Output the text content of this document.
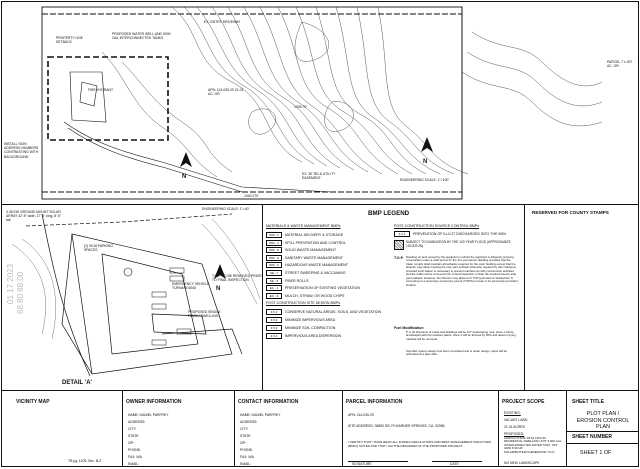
N
N
EX. ENTRY DRIVEWAY
FIRE HYDRANT
PROPOSED WATER WELL AND 5000 GAL INTERCONNECTED TANKS
PROPERTY LINE SETBACK
APN: 114-030-29 21.01 AC. GR.
PARCEL 7 ±.307 AC. GR.
1005.70'
1040.270'
EX. 30' RD & UTILITY EASEMENT
INSTALL SIGN ADDRESS NUMBERS CONTRASTING WITH BACKGROUND
ENGINEERING SCALE: 1"=100'
N
3.36 KW GROUND MOUNT SOLAR ARRAY 32' 8" wide, 17' 3" long, 8' 6" tall
(2) 9X18 PARKING SPACES
EMERGENCY VEHICLE TURNAROUND
T.O.P. TO BE REMOVED PRIOR TO FINAL INSPECTION
PROPOSED SINGLE FAMILY DWELLING
ENGINEERING SCALE: 1"=40'
DETAIL 'A'
01 17 2023 68.80 88.00
BMP LEGEND
MATERIALS & WASTE MANAGEMENT BMPs
POST-CONSTRUCTION SITE DESIGN BMPs
POST-CONSTRUCTION SOURCE CONTROL BMPs
SUBJECT TO INUNDATION BY THE 100 YEAR FLOOD (APPROXIMATE LOCATION)
T.O.P. Dwelling on land owned by the applicant on which the applicant is diligently pursuing construction under a valid permit for the firm permanent dwelling provided that the trailer comply shall maintain all setbacks required for the main building except that the Director may allow meeting the rear yard setback otherwise required by this ordinance provided such waiver is necessary to prevent interference with construction activities and the trailer will be removed prior to final inspection or than the required interior side yard setback. However, the Director may allow an 0 TOP (pursuant to Subsection 7) converting to a temporary occupancy permit (TOPOs) remain in its previously permitted location.
Fuel Modification
5' in all directions of roads and buildings will be 1/2" landscaping rock. Zone 1 will be landscaped with fire resistive plants. Zone 2 will be thinned by 50% and dead or dying material will be removed.
Sprinkler system design has been completed and is under design, plans will be submitted at a later date.
WM - 1 MATERIAL DELIVERY & STORAGE
WM - 4 SPILL PREVENTION AND CONTROL
WM - 5 SOLID WASTE MANAGEMENT
WM - 9 SANITARY WASTE MANAGEMENT
WM - 6 HAZARDOUS WASTE MANAGEMENT
SE - 7 STREET SWEEPING & VACCUMING
SE - 5 FIBER ROLLS
EC - 1 PRESERVATION OF EXISTING VEGETATION
EC - 6 MULCH, STRAW, OR WOOD CHIPS
4.5.1 CONSERVE NATURAL AREAS, SOILS, AND VEGETATION
4.5.2 MINIMIZE IMPERVIOUS AREA
4.5.3 MINIMIZE SOIL COMPACTION
4.5.4 IMPERVIOUS AREA DISPERSION
4.2.1 PREVENTION OF ILLICIT DISCHARGES INTO THE MS4
RESERVED FOR COUNTY STAMPS
VICINITY MAP
TB pg. 1109, Sec. B-2
OWNER INFORMATION
NAME: DANIEL PARFREY
ADDRESS:
CITY:
STATE:
ZIP:
PHONE:
FAX: N/A
EMAIL:
CONTACT INFORMATION
NAME: DANIEL PARFREY
ADDRESS:
CITY:
STATE:
ZIP:
PHONE:
FAX: N/A
EMAIL:
PARCEL INFORMATION
APN: 114-030-29
SITE ADDRESS: 36890 SR-79 WARNER SPRINGS, CA. 92086
I CERTIFY THAT I HAVE READ ALL ZONING REGULATIONS AND BEST MANAGEMENT PRACTICES (BMPs) NOTES AND THAT I AM THE DESIGNER OF THE PROPOSED PROJECT.
SIGNATURE	DATE
PROJECT SCOPE
EXISTING:
VACANT LAND
21.01 ACRES
PROPOSED:
AGRICULTURAL WITH 1504 SF RESIDENTIAL DWELLING UNIT, 5,000 GAL INTERCONNECTED WATER TANK, OFF GRID 8.36 kW SOLAR/BATTERY/GENERATOR T.O.P.
NO NEW LANDSCAPE
SHEET TITLE
PLOT PLAN / EROSION CONTROL PLAN
SHEET NUMBER
SHEET 1 OF
